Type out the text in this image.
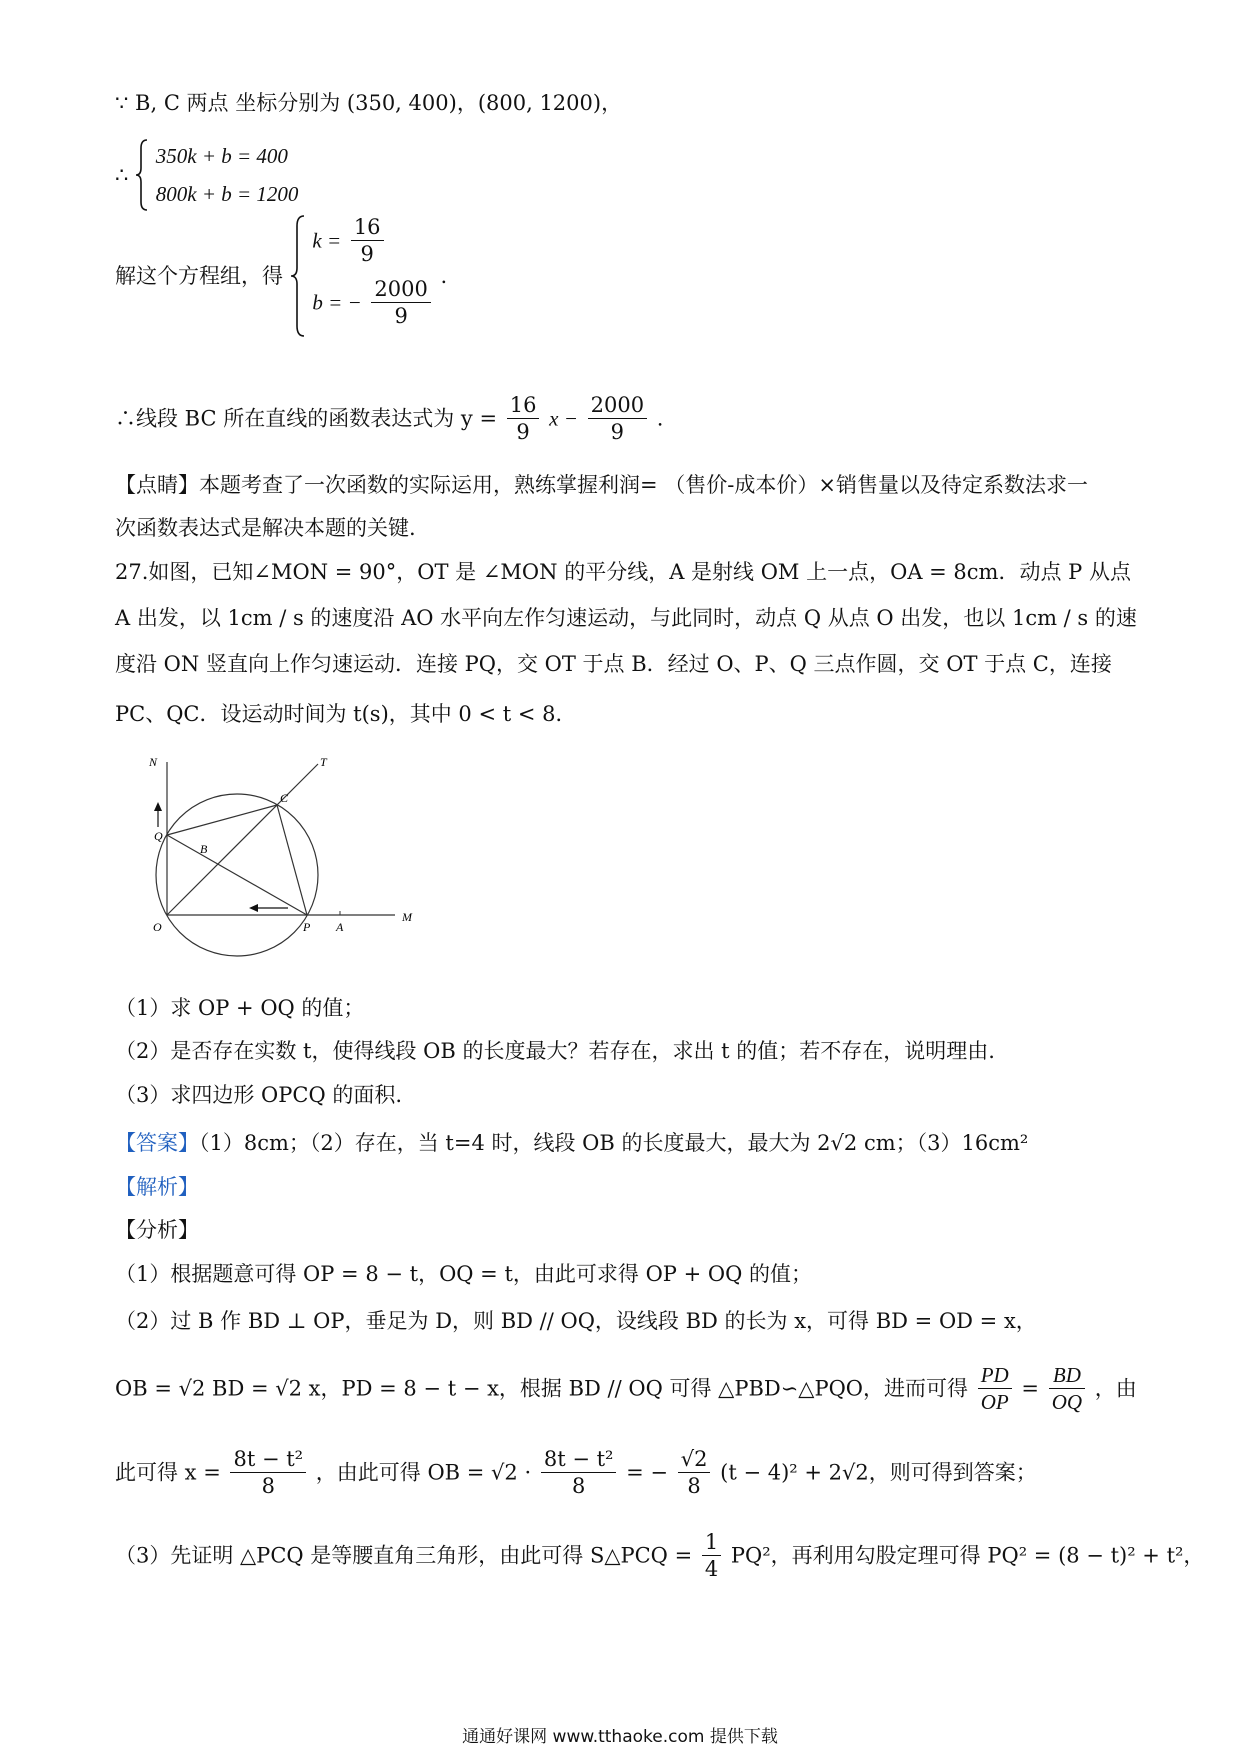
∵ B, C 两点 坐标分别为 (350, 400)，(800, 1200)，
∴  350k + b = 400
800k + b = 1200
解这个方程组，得
$k = \frac{16}{9}$
b = − $\frac{2000}{9}$ .
∴线段 BC 所在直线的函数表达式为 $y = \frac{16}{9}$ $x - \frac{2000}{9}$ .
【点睛】本题考查了一次函数的实际运用，熟练掌握利润= （售价-成本价）×销售量以及待定系数法求一
次函数表达式是解决本题的关键.
27.如图，已知∠MON = 90°，OT 是 ∠MON 的平分线，A 是射线 OM 上一点，OA = 8cm．动点 P 从点
A 出发，以 1cm / s 的速度沿 AO 水平向左作匀速运动，与此同时，动点 Q 从点 O 出发，也以 1cm / s 的速
度沿 ON 竖直向上作匀速运动．连接 PQ，交 OT 于点 B．经过 O、P、Q 三点作圆，交 OT 于点 C，连接
PC、QC．设运动时间为 t(s)，其中 0 < t < 8．
N	T
C
Q
B
O	P A
M
（1）求 OP + OQ 的值；
（2）是否存在实数 t，使得线段 OB 的长度最大？若存在，求出 t 的值；若不存在，说明理由.
（3）求四边形 OPCQ 的面积.
【答案】（1）8cm；（2）存在，当 t=4 时，线段 OB 的长度最大，最大为 2√2 cm；（3）16cm²
【解析】
【分析】
（1）根据题意可得 OP = 8 − t，OQ = t，由此可求得 OP + OQ 的值；
（2）过 B 作 BD ⊥ OP，垂足为 D，则 BD // OQ，设线段 BD 的长为 x，可得 BD = OD = x，
OB = √2 BD = √2 x，PD = 8 − t − x，根据 BD // OQ 可得 △PBD∽△PQO，进而可得 $\frac{PD}{OP} = \frac{BD}{OQ}$ ，由
此可得 $x = \frac{\text{8t − t²}}{8}$ ，由此可得 OB = $√2 \cdot \frac{\text{8t − t²}}{8}$ = − $\frac{√2}{8} (t - 4)^2 + 2√2$，则可得到答案；
（3）先证明 △PCQ 是等腰直角三角形，由此可得 S△PCQ = $\frac{1}{4} PQ^2$，再利用勾股定理可得 PQ² = (8 − t)² + t²，
通通好课网 www.tthaoke.com 提供下载
